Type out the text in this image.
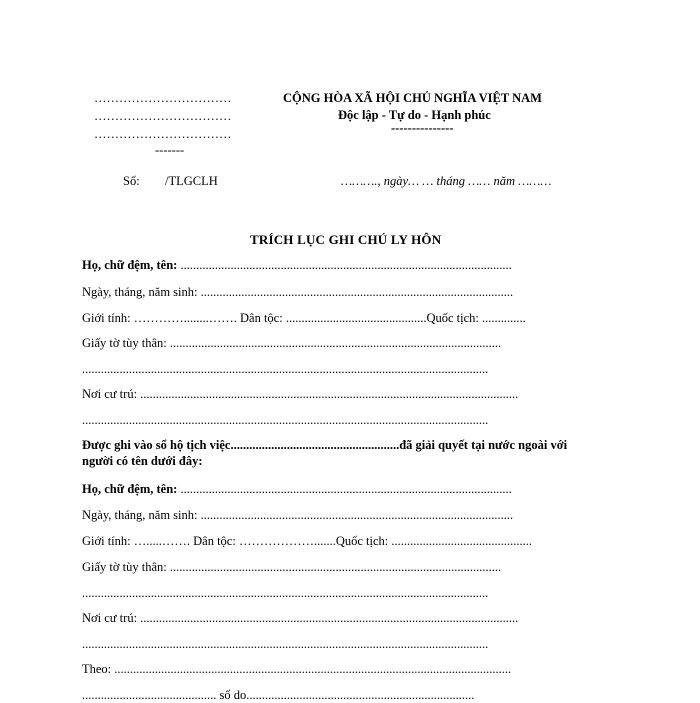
……………………………
……………………………
……………………………
-------
CỘNG HÒA XÃ HỘI CHỦ NGHĨA VIỆT NAM
Độc lập - Tự do - Hạnh phúc
---------------
Số: /TLGCLH	………., ngày… … tháng …… năm ………
TRÍCH LỤC GHI CHÚ LY HÔN
Họ, chữ đệm, tên: ..........................................................................................................
Ngày, tháng, năm sinh: ....................................................................................................
Giới tính: …………........……. Dân tộc: .............................................Quốc tịch: ..............
Giấy tờ tùy thân: ..........................................................................................................
..................................................................................................................................
Nơi cư trú: .........................................................................................................................
..................................................................................................................................
Được ghi vào sổ hộ tịch việc......................................................đã giải quyết tại nước ngoài với
người có tên dưới đây:
Họ, chữ đệm, tên: ..........................................................................................................
Ngày, tháng, năm sinh: ....................................................................................................
Giới tính: ….....……. Dân tộc: ……………….......Quốc tịch: .............................................
Giấy tờ tùy thân: ..........................................................................................................
..................................................................................................................................
Nơi cư trú: .........................................................................................................................
..................................................................................................................................
Theo: ...............................................................................................................................
........................................... số do.........................................................................
